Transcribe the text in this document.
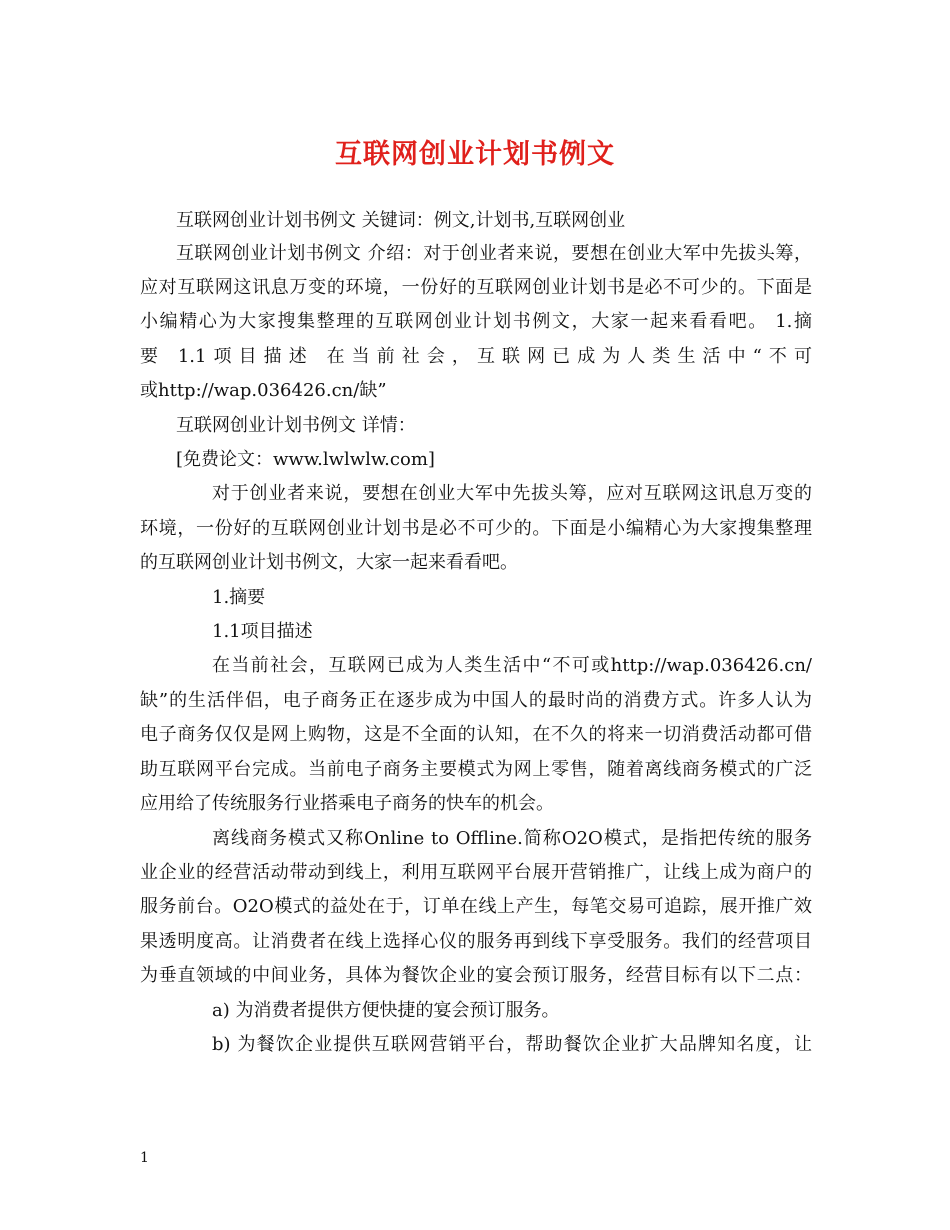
互联网创业计划书例文
互联网创业计划书例文 关键词：例文,计划书,互联网创业
互联网创业计划书例文 介绍：对于创业者来说，要想在创业大军中先拔头筹，
应对互联网这讯息万变的环境，一份好的互联网创业计划书是必不可少的。下面是
小编精心为大家搜集整理的互联网创业计划书例文，大家一起来看看吧。 1.摘
要 1.1项目描述 在当前社会，互联网已成为人类生活中“不可
或http://wap.036426.cn/缺”
互联网创业计划书例文 详情：
[免费论文：www.lwlwlw.com]
对于创业者来说，要想在创业大军中先拔头筹，应对互联网这讯息万变的
环境，一份好的互联网创业计划书是必不可少的。下面是小编精心为大家搜集整理
的互联网创业计划书例文，大家一起来看看吧。
1.摘要
1.1项目描述
在当前社会，互联网已成为人类生活中“不可或http://wap.036426.cn/
缺”的生活伴侣，电子商务正在逐步成为中国人的最时尚的消费方式。许多人认为
电子商务仅仅是网上购物，这是不全面的认知，在不久的将来一切消费活动都可借
助互联网平台完成。当前电子商务主要模式为网上零售，随着离线商务模式的广泛
应用给了传统服务行业搭乘电子商务的快车的机会。
离线商务模式又称Online to Offline.简称O2O模式，是指把传统的服务
业企业的经营活动带动到线上，利用互联网平台展开营销推广，让线上成为商户的
服务前台。O2O模式的益处在于，订单在线上产生，每笔交易可追踪，展开推广效
果透明度高。让消费者在线上选择心仪的服务再到线下享受服务。我们的经营项目
为垂直领域的中间业务，具体为餐饮企业的宴会预订服务，经营目标有以下二点：
a) 为消费者提供方便快捷的宴会预订服务。
b) 为餐饮企业提供互联网营销平台，帮助餐饮企业扩大品牌知名度，让
1
